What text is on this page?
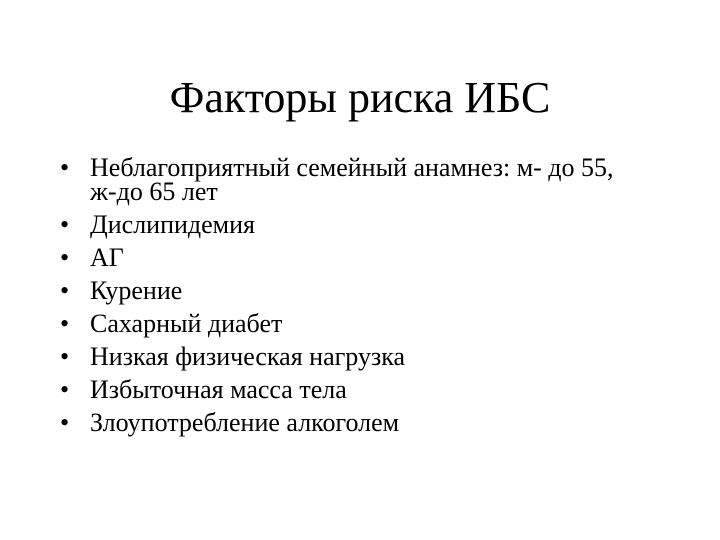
Факторы риска ИБС
• Неблагоприятный семейный анамнез: м- до 55,
ж-до 65 лет
• Дислипидемия
• АГ
• Курение
• Сахарный диабет
• Низкая физическая нагрузка
• Избыточная масса тела
• Злоупотребление алкоголем
